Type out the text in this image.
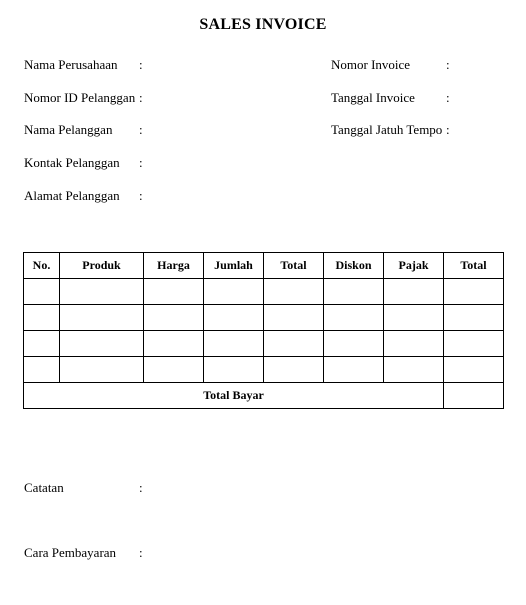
SALES INVOICE
Nama Perusahaan :
Nomor ID Pelanggan :
Nama Pelanggan :
Kontak Pelanggan :
Alamat Pelanggan :
Nomor Invoice	:
Tanggal Invoice :
Tanggal Jatuh Tempo :
No.	Produk	Harga	Jumlah	Total	Diskon	Pajak	Total

Total Bayar							
Catatan	:
Cara Pembayaran :
